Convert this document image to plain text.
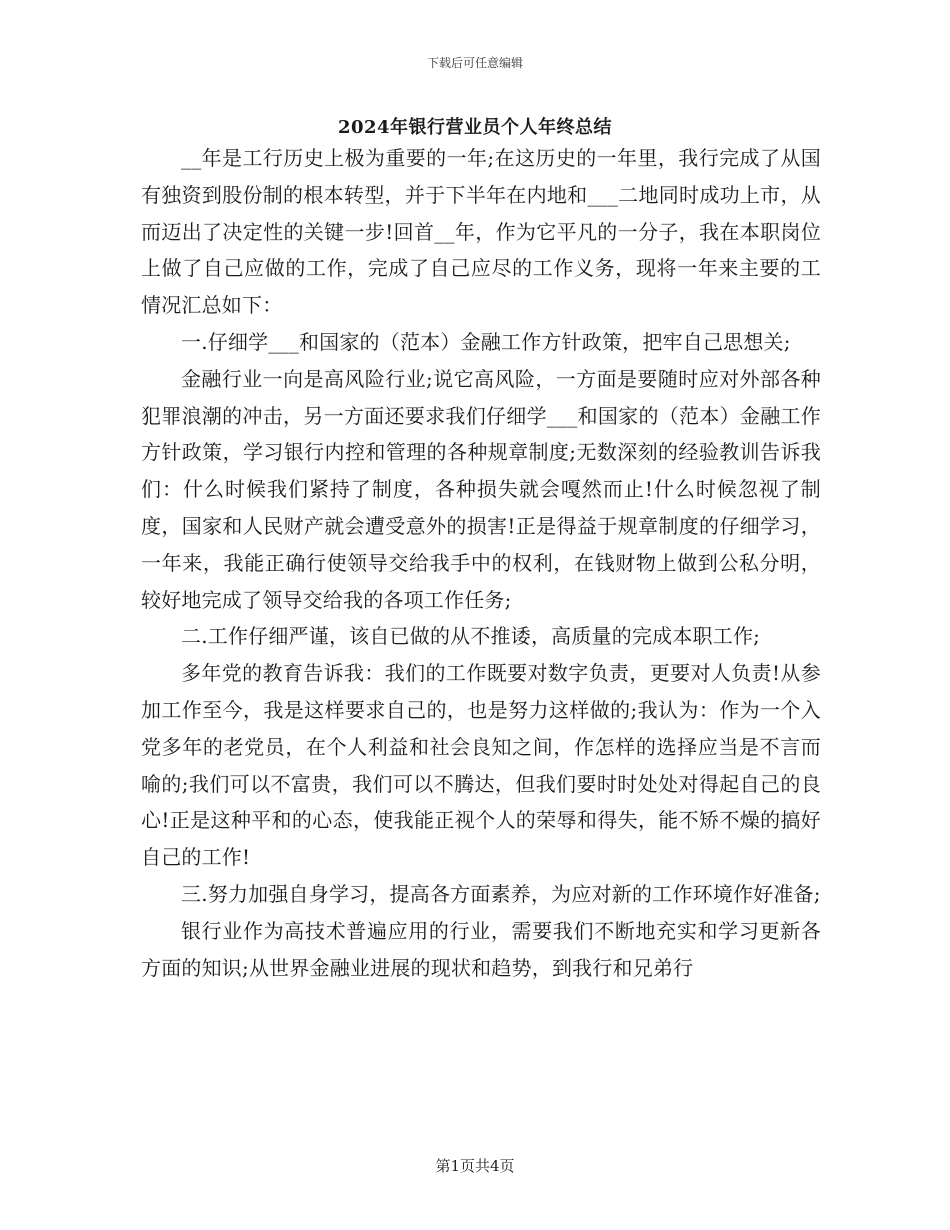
下载后可任意编辑
2024年银行营业员个人年终总结

__年是工行历史上极为重要的一年;在这历史的一年里，我行完成了从国有独资到股份制的根本转型，并于下半年在内地和___二地同时成功上市，从而迈出了决定性的关键一步!回首__年，作为它平凡的一分子，我在本职岗位上做了自己应做的工作，完成了自己应尽的工作义务，现将一年来主要的工情况汇总如下：

一.仔细学___和国家的（范本）金融工作方针政策，把牢自己思想关;

金融行业一向是高风险行业;说它高风险，一方面是要随时应对外部各种犯罪浪潮的冲击，另一方面还要求我们仔细学___和国家的（范本）金融工作方针政策，学习银行内控和管理的各种规章制度;无数深刻的经验教训告诉我们：什么时候我们紧持了制度，各种损失就会嘎然而止!什么时候忽视了制度，国家和人民财产就会遭受意外的损害!正是得益于规章制度的仔细学习，一年来，我能正确行使领导交给我手中的权利，在钱财物上做到公私分明，较好地完成了领导交给我的各项工作任务;

二.工作仔细严谨，该自已做的从不推诿，高质量的完成本职工作;

多年党的教育告诉我：我们的工作既要对数字负责，更要对人负责!从参加工作至今，我是这样要求自己的，也是努力这样做的;我认为：作为一个入党多年的老党员，在个人利益和社会良知之间，作怎样的选择应当是不言而喻的;我们可以不富贵，我们可以不腾达，但我们要时时处处对得起自己的良心!正是这种平和的心态，使我能正视个人的荣辱和得失，能不矫不燥的搞好自己的工作!

三.努力加强自身学习，提高各方面素养，为应对新的工作环境作好准备;

银行业作为高技术普遍应用的行业，需要我们不断地充实和学习更新各方面的知识;从世界金融业进展的现状和趋势，到我行和兄弟行

第1页共4页
